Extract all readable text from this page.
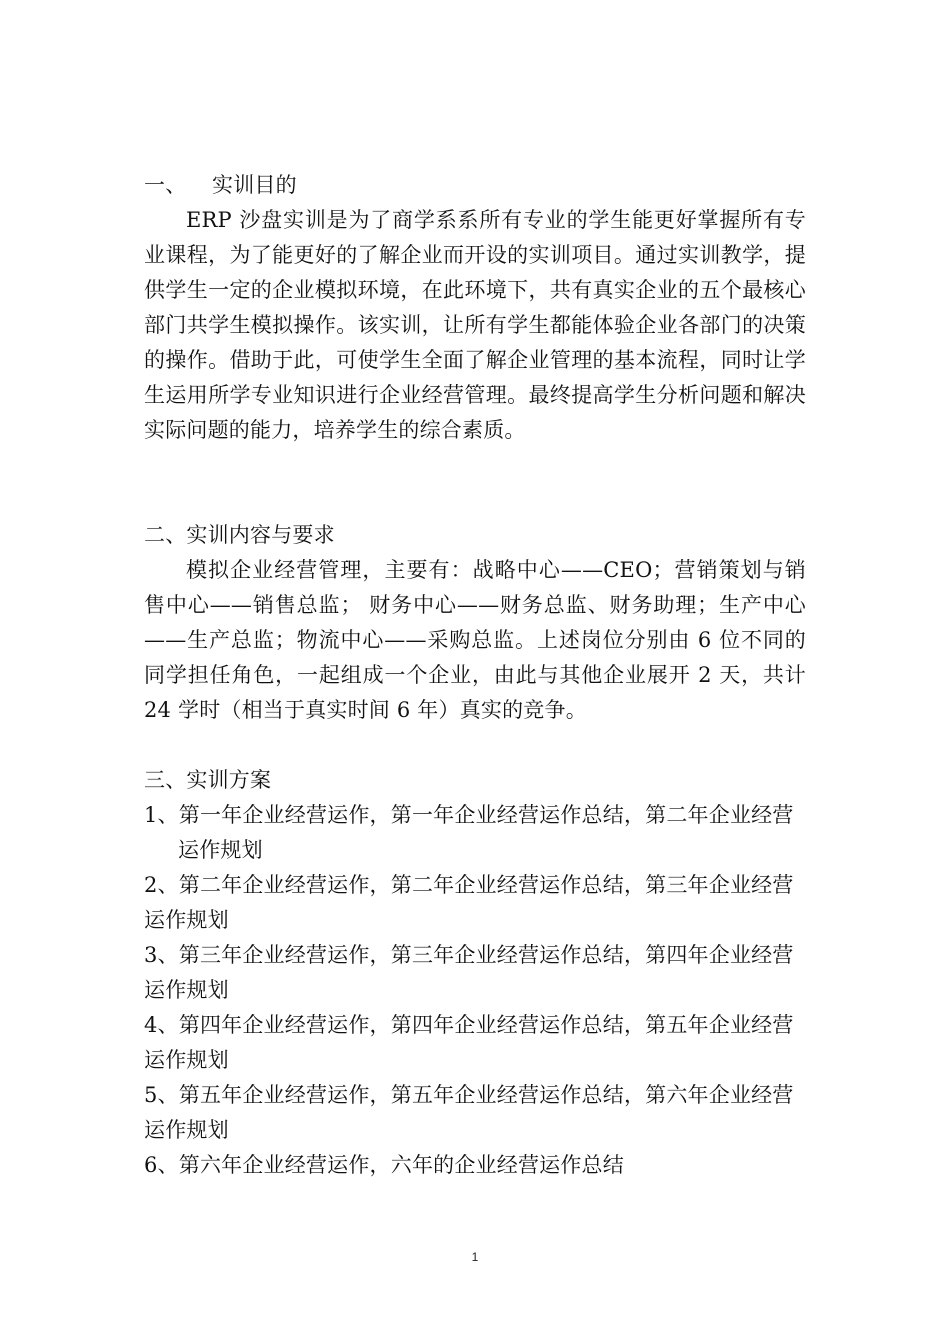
一、 实训目的

ERP 沙盘实训是为了商学系系所有专业的学生能更好掌握所有专业课程，为了能更好的了解企业而开设的实训项目。通过实训教学，提供学生一定的企业模拟环境，在此环境下，共有真实企业的五个最核心部门共学生模拟操作。该实训，让所有学生都能体验企业各部门的决策的操作。借助于此，可使学生全面了解企业管理的基本流程，同时让学生运用所学专业知识进行企业经营管理。最终提高学生分析问题和解决实际问题的能力，培养学生的综合素质。

二、实训内容与要求

模拟企业经营管理，主要有：战略中心——CEO；营销策划与销售中心——销售总监； 财务中心——财务总监、财务助理；生产中心——生产总监；物流中心——采购总监。上述岗位分别由 6 位不同的同学担任角色，一起组成一个企业，由此与其他企业展开 2 天，共计 24 学时（相当于真实时间 6 年）真实的竞争。

三、实训方案
1、第一年企业经营运作，第一年企业经营运作总结，第二年企业经营运作规划
2、第二年企业经营运作，第二年企业经营运作总结，第三年企业经营运作规划
3、第三年企业经营运作，第三年企业经营运作总结，第四年企业经营运作规划
4、第四年企业经营运作，第四年企业经营运作总结，第五年企业经营运作规划
5、第五年企业经营运作，第五年企业经营运作总结，第六年企业经营运作规划
6、第六年企业经营运作，六年的企业经营运作总结
1
